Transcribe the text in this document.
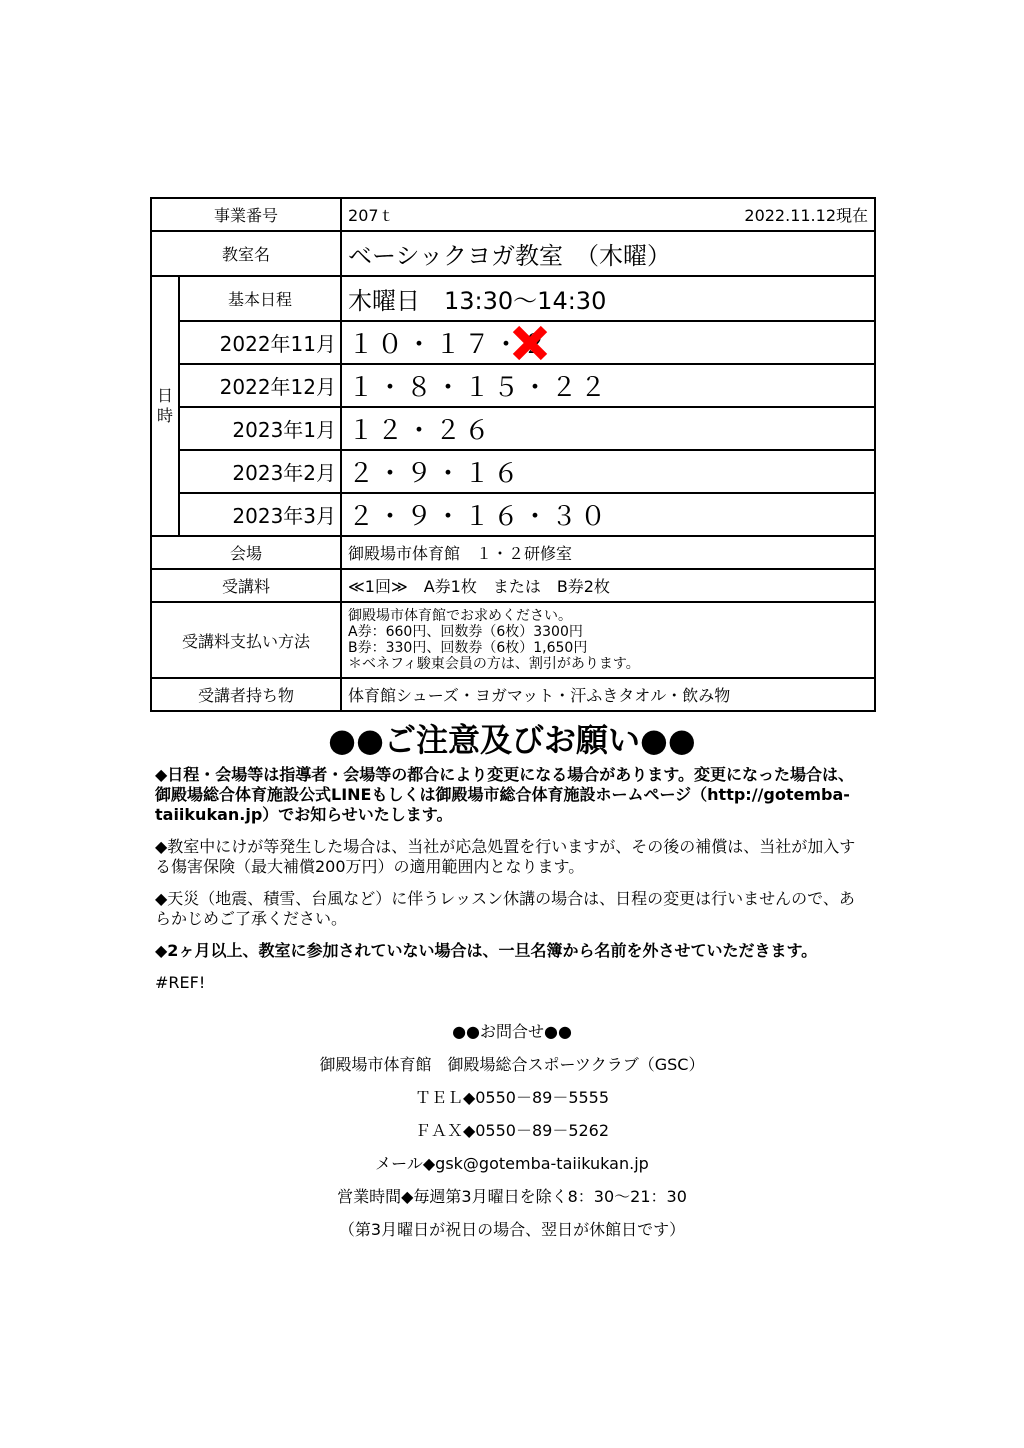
事業番号		207ｔ 2022.11.12現在

教室名		ベーシックヨガ教室　（木曜）

日
時	基本日程	木曜日　13:30～14:30
	2022年11月	１０・１７・２

	2022年12月	１・８・１５・２２
	2023年1月	１２・２６
	2023年2月	２・９・１６
	2023年3月	２・９・１６・３０
会場		御殿場市体育館　１・２研修室
受講料		≪1回≫　A券1枚　または　B券2枚
受講料支払い方法		御殿場市体育館でお求めください。
A券：660円、回数券（6枚）3300円
B券：330円、回数券（6枚）1,650円
＊ベネフィ駿東会員の方は、割引があります。

受講者持ち物		体育館シューズ・ヨガマット・汗ふきタオル・飲み物
●●ご注意及びお願い●●

◆日程・会場等は指導者・会場等の都合により変更になる場合があります。変更になった場合は、御殿場総合体育施設公式LINEもしくは御殿場市総合体育施設ホームページ（http://gotemba-taiikukan.jp）でお知らせいたします。

◆教室中にけが等発生した場合は、当社が応急処置を行いますが、その後の補償は、当社が加入する傷害保険（最大補償200万円）の適用範囲内となります。

◆天災（地震、積雪、台風など）に伴うレッスン休講の場合は、日程の変更は行いませんので、あらかじめご了承ください。

◆2ヶ月以上、教室に参加されていない場合は、一旦名簿から名前を外させていただきます。

#REF!
●●お問合せ●●
御殿場市体育館　御殿場総合スポーツクラブ（GSC）
ＴＥＬ◆0550－89－5555
ＦＡＸ◆0550－89－5262
メール◆gsk@gotemba-taiikukan.jp
営業時間◆毎週第3月曜日を除く8：30～21：30
（第3月曜日が祝日の場合、翌日が休館日です）
